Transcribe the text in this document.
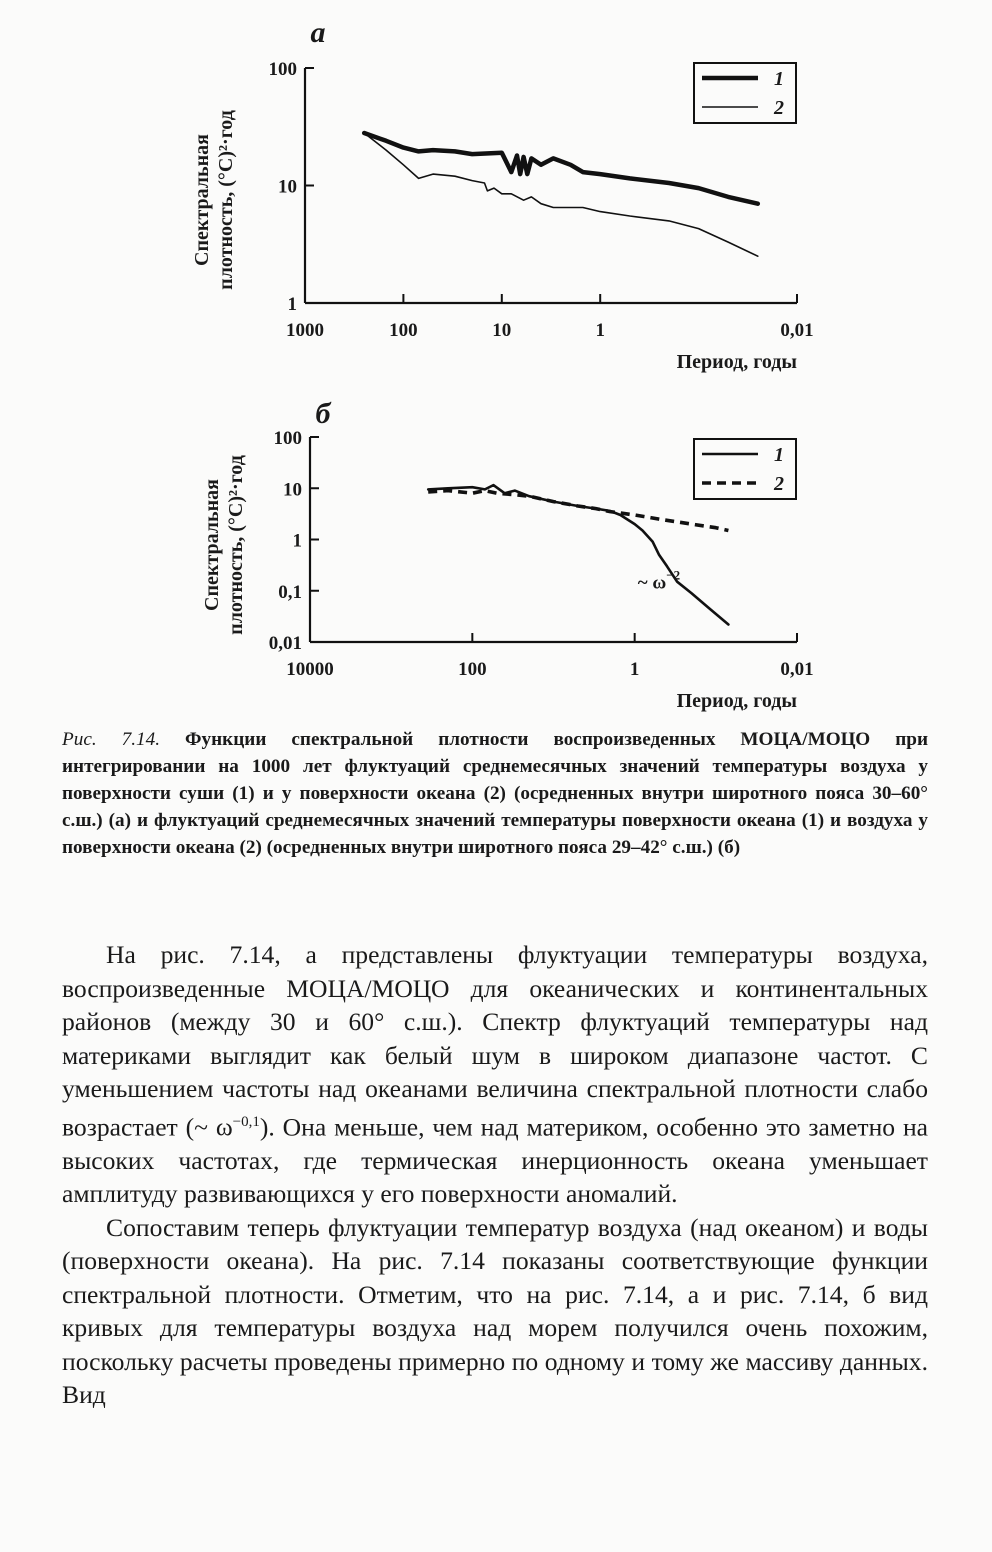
а
Спектральная плотность, (°С)²·год
1000	100	10	1	0,01
100
10
1
1
2
Период, годы
б
Спектральная плотность, (°С)²·год
10000	100	1	0,01
100
10
1
0,1
0,01
1
2
~ $\omega^{-2}$
Период, годы
Рис. 7.14. Функции спектральной плотности воспроизведенных МОЦА/МОЦО при интегрировании на 1000 лет флуктуаций среднемесячных значений температуры воздуха у поверхности суши (1) и у поверхности океана (2) (осредненных внутри широтного пояса 30–60° с.ш.) (а) и флуктуаций среднемесячных значений температуры поверхности океана (1) и воздуха у поверхности океана (2) (осредненных внутри широтного пояса 29–42° с.ш.) (б)

На рис. 7.14, а представлены флуктуации температуры воздуха, воспроизведенные МОЦА/МОЦО для океанических и континентальных районов (между 30 и 60° с.ш.). Спектр флуктуаций температуры над материками выглядит как белый шум в широком диапазоне частот. С уменьшением частоты над океанами величина спектральной плотности слабо возрастает (~ $\omega^{-0,1}$). Она меньше, чем над материком, особенно это заметно на высоких частотах, где термическая инерционность океана уменьшает амплитуду развивающихся у его поверхности аномалий.

Сопоставим теперь флуктуации температур воздуха (над океаном) и воды (поверхности океана). На рис. 7.14 показаны соответствующие функции спектральной плотности. Отметим, что на рис. 7.14, а и рис. 7.14, б вид кривых для температуры воздуха над морем получился очень похожим, поскольку расчеты проведены примерно по одному и тому же массиву данных. Вид
